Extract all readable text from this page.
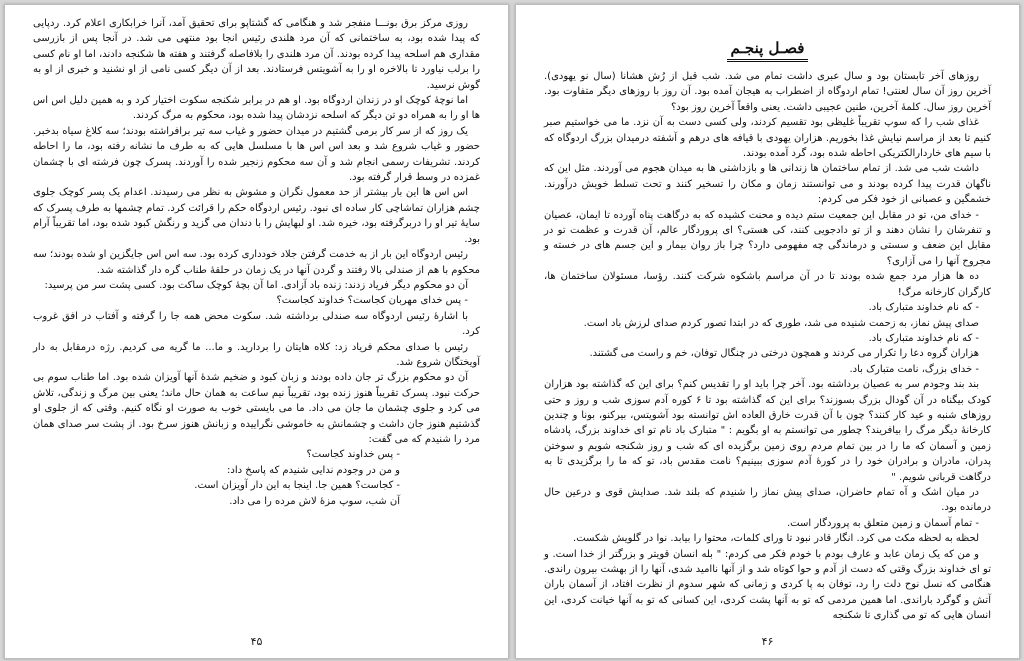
روزی مرکز برق بونـــا منفجر شد و هنگامی که گشتاپو برای تحقیق آمد، آنرا خرابکاری اعلام کرد. ردپایی که پیدا شده بود، به ساختمانی که آن مرد هلندی رئیس انجا بود منتهی می شد. در آنجا پس از بازرسی مقداری هم اسلحه پیدا کرده بودند. آن مرد هلندی را بلافاصله گرفتند و هفته ها شکنجه دادند، اما او نام کسی را برلب نیاورد تا بالاخره او را به آشویتس فرستادند. بعد از آن دیگر کسی نامی از او نشنید و خبری از او به گوش نرسید.

اما نوچهٔ کوچک او در زندان اردوگاه بود. او هم در برابر شکنجه سکوت اختیار کرد و به همین دلیل اس اس ها او را به همراه دو تن دیگر که اسلحه نزدشان پیدا شده بود، محکوم به مرگ کردند.

یک روز که از سر کار برمی گشتیم در میدان حضور و غیاب سه تیر برافراشته بودند؛ سه کلاغ سیاه بدخبر. حضور و غیاب شروع شد و بعد اس اس ها با مسلسل هایی که به طرف ما نشانه رفته بود، ما را احاطه کردند. تشریفات رسمی انجام شد و آن سه محکوم زنجیر شده را آوردند. پسرک چون فرشته ای با چشمان غمزده در وسط قرار گرفته بود.

اس اس ها این بار بیشتر از حد معمول نگران و مشوش به نظر می رسیدند. اعدام یک پسر کوچک جلوی چشم هزاران تماشاچی کار ساده ای نبود. رئیس اردوگاه حکم را قرائت کرد. تمام چشمها به طرف پسرک که سایهٔ تیر او را دربرگرفته بود، خیره شد. او لبهایش را با دندان می گزید و رنگش کبود شده بود، اما تقریباً آرام بود.

رئیس اردوگاه این بار از به خدمت گرفتن جلاد خودداری کرده بود. سه اس اس جایگزین او شده بودند؛ سه محکوم با هم از صندلی بالا رفتند و گردن آنها در یک زمان در حلقهٔ طناب گره دار گذاشته شد.

آن دو محکوم دیگر فریاد زدند: زنده باد آزادی. اما آن بچهٔ کوچک ساکت بود. کسی پشت سر من پرسید:

- پس خدای مهربان کجاست؟ خداوند کجاست؟

با اشارهٔ رئیس اردوگاه سه صندلی برداشته شد. سکوت محض همه جا را گرفته و آفتاب در افق غروب کرد.

رئیس با صدای محکم فریاد زد: کلاه هایتان را بردارید. و ما... ما گریه می کردیم. رژه درمقابل به دار آویختگان شروع شد.

آن دو محکوم بزرگ تر جان داده بودند و زبان کبود و ضخیم شدهٔ آنها آویزان شده بود. اما طناب سوم بی حرکت نبود. پسرک تقریباً هنوز زنده بود، تقریباً نیم ساعت به همان حال ماند؛ یعنی بین مرگ و زندگی، تلاش می کرد و جلوی چشمان ما جان می داد. ما می بایستی خوب به صورت او نگاه کنیم. وقتی که از جلوی او گذشتیم هنوز جان داشت و چشمانش به خاموشی نگراییده و زبانش هنوز سرخ بود. از پشت سر صدای همان مرد را شنیدم که می گفت:

- پس خداوند کجاست؟

و من در وجودم ندایی شنیدم که پاسخ داد:

- کجاست؟ همین جا. اینجا به این دار آویزان است.

آن شب، سوپ مزهٔ لاش مرده را می داد.

۴۵
فصـل پنجـم

روزهای آخر تابستان بود و سال عبری داشت تمام می شد. شب قبل از رُش هشانا (سال نو یهودی). آخرین روز آن سال لعنتی! تمام اردوگاه از اضطراب به هیجان آمده بود. آن روز با روزهای دیگر متفاوت بود. آخرین روز سال. کلمهٔ آخرین، طنین عجیبی داشت. یعنی واقعاً آخرین روز بود؟

غذای شب را که سوپ تقریباً غلیظی بود تقسیم کردند، ولی کسی دست به آن نزد. ما می خواستیم صبر کنیم تا بعد از مراسم نیایش غذا بخوریم. هزاران یهودی با قیافه های درهم و آشفته درمیدان بزرگ اردوگاه که با سیم های خاردارالکتریکی احاطه شده بود، گرد آمده بودند.

داشت شب می شد. از تمام ساختمان ها زندانی ها و بازداشتی ها به میدان هجوم می آوردند. مثل این که ناگهان قدرت پیدا کرده بودند و می توانستند زمان و مکان را تسخیر کنند و تحت تسلط خویش درآورند. خشمگین و عصبانی از خود فکر می کردم:

- خدای من، تو در مقابل این جمعیت ستم دیده و محنت کشیده که به درگاهت پناه آورده تا ایمان، عصیان و تنفرشان را نشان دهند و از تو دادجویی کنند، کی هستی؟ ای پروردگار عالم، آن قدرت و عظمت تو در مقابل این ضعف و سستی و درماندگی چه مفهومی دارد؟ چرا باز روان بیمار و این جسم های در خسته و مجروح آنها را می آزاری؟

ده ها هزار مرد جمع شده بودند تا در آن مراسم باشکوه شرکت کنند. رؤسا، مسئولان ساختمان ها، کارگران کارخانه مرگ!

- که نام خداوند متبارک باد.

صدای پیش نماز، به زحمت شنیده می شد، طوری که در ابتدا تصور کردم صدای لرزش باد است.

- که نام خداوند متبارک باد.

هزاران گروه دعا را تکرار می کردند و همچون درختی در چنگال توفان، خم و راست می گشتند.

- خدای بزرگ، نامت متبارک باد.

بند بند وجودم سر به عصیان برداشته بود. آخر چرا باید او را تقدیس کنم؟ برای این که گذاشته بود هزاران کودک بیگناه در آن گودال بزرگ بسوزند؟ برای این که گذاشته بود تا ۶ کوره آدم سوزی شب و روز و حتی روزهای شنبه و عید کار کنند؟ چون با آن قدرت خارق العاده اش توانسته بود آشویتس، بیرکنو، بونا و چندین کارخانهٔ دیگر مرگ را بیافریند؟ چطور می توانستم به او بگویم : " متبارک باد نام تو ای خداوند بزرگ، پادشاه زمین و آسمان که ما را در بین تمام مردم روی زمین برگزیده ای که شب و روز شکنجه شویم و سوختن پدران، مادران و برادران خود را در کورهٔ آدم سوزی ببینیم؟ نامت مقدس باد، تو که ما را برگزیدی تا به درگاهت قربانی شویم. "

در میان اشک و آه تمام حاضران، صدای پیش نماز را شنیدم که بلند شد. صدایش قوی و درعین حال درمانده بود.

- تمام آسمان و زمین متعلق به پروردگار است.

لحظه به لحظه مکث می کرد. انگار قادر نبود تا ورای کلمات، محتوا را بیابد. نوا در گلویش شکست.

و من که یک زمان عابد و عارف بودم با خودم فکر می کردم: " بله انسان قویتر و بزرگتر از خدا است. و تو ای خداوند بزرگ وقتی که دست از آدم و حوا کوتاه شد و از آنها ناامید شدی، آنها را از بهشت بیرون راندی. هنگامی که نسل نوح دلت را رد، توفان به پا کردی و زمانی که شهر سدوم از نظرت افتاد، از آسمان باران آتش و گوگرد باراندی. اما همین مردمی که تو به آنها پشت کردی، این کسانی که تو به آنها خیانت کردی، این انسان هایی که تو می گذاری تا شکنجه

۴۶
